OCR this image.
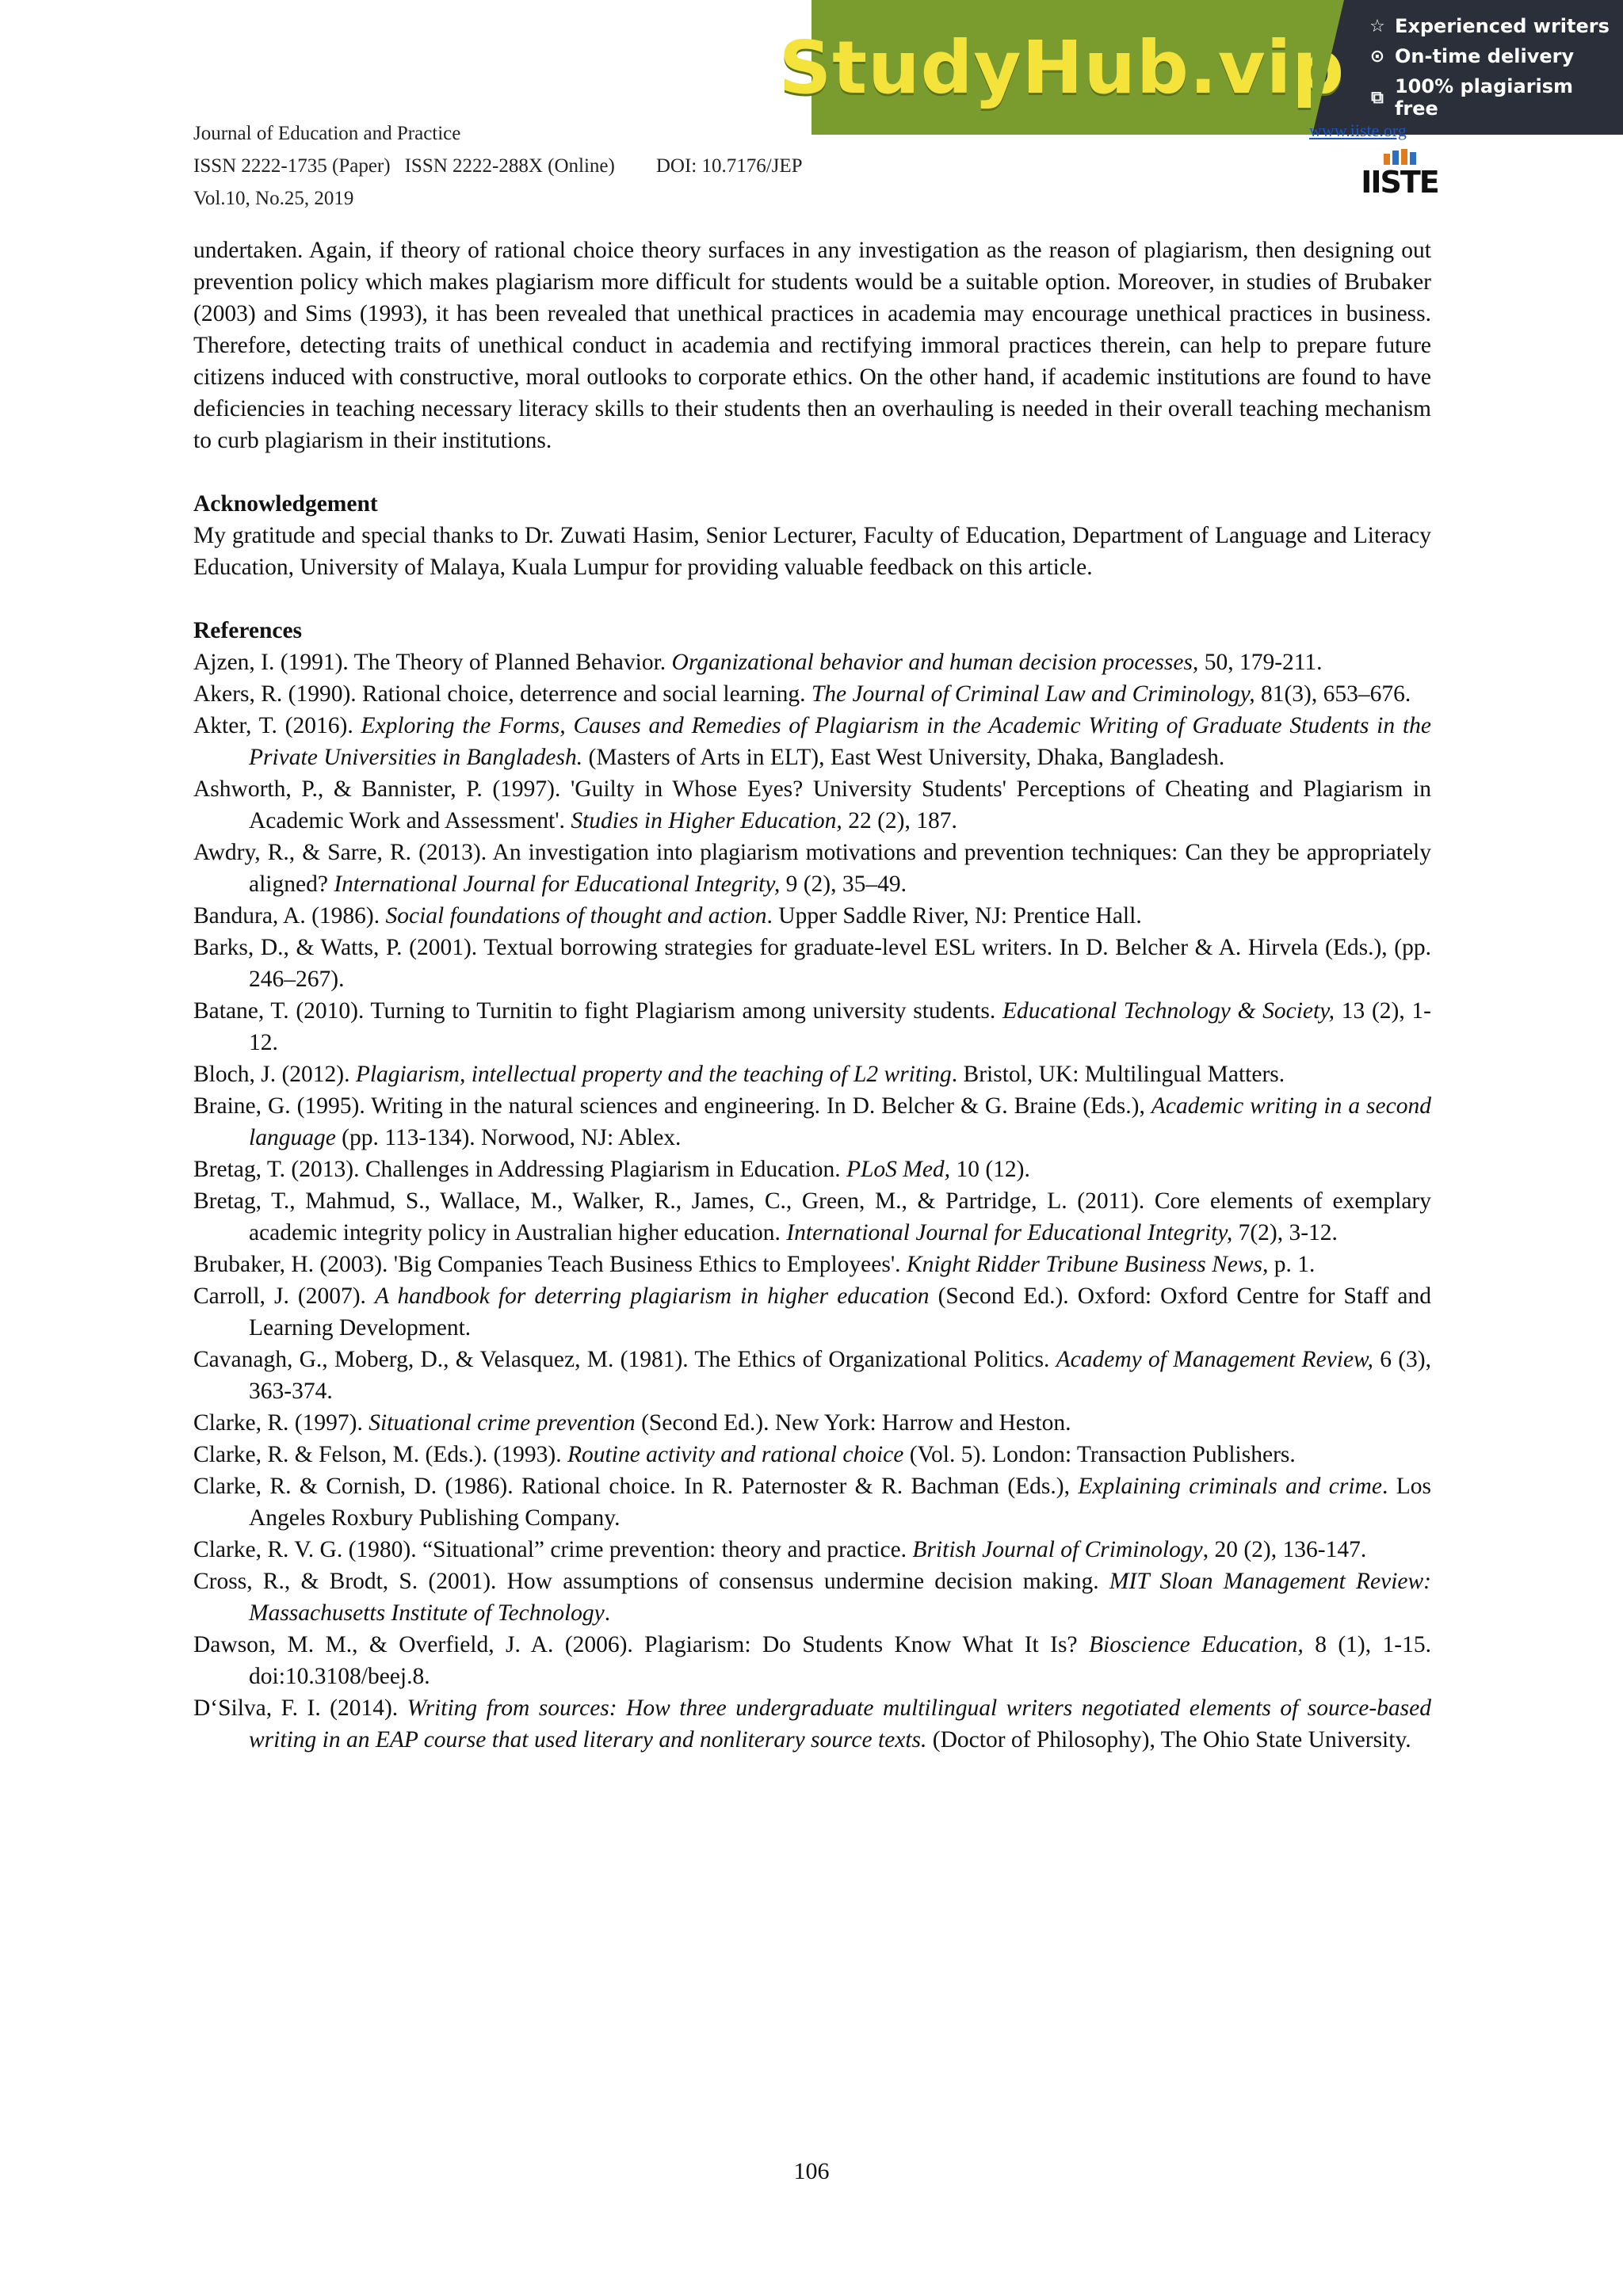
StudyHub.vip ☆ Experienced writers
⊙ On-time delivery
⧉ 100% plagiarism free
Journal of Education and Practice
ISSN 2222-1735 (Paper) ISSN 2222-288X (Online) DOI: 10.7176/JEP
Vol.10, No.25, 2019
www.iiste.org
IISTE

undertaken. Again, if theory of rational choice theory surfaces in any investigation as the reason of plagiarism, then designing out prevention policy which makes plagiarism more difficult for students would be a suitable option. Moreover, in studies of Brubaker (2003) and Sims (1993), it has been revealed that unethical practices in academia may encourage unethical practices in business. Therefore, detecting traits of unethical conduct in academia and rectifying immoral practices therein, can help to prepare future citizens induced with constructive, moral outlooks to corporate ethics. On the other hand, if academic institutions are found to have deficiencies in teaching necessary literacy skills to their students then an overhauling is needed in their overall teaching mechanism to curb plagiarism in their institutions.

Acknowledgement

My gratitude and special thanks to Dr. Zuwati Hasim, Senior Lecturer, Faculty of Education, Department of Language and Literacy Education, University of Malaya, Kuala Lumpur for providing valuable feedback on this article.

References

Ajzen, I. (1991). The Theory of Planned Behavior. Organizational behavior and human decision processes, 50, 179-211.

Akers, R. (1990). Rational choice, deterrence and social learning. The Journal of Criminal Law and Criminology, 81(3), 653–676.

Akter, T. (2016). Exploring the Forms, Causes and Remedies of Plagiarism in the Academic Writing of Graduate Students in the Private Universities in Bangladesh. (Masters of Arts in ELT), East West University, Dhaka, Bangladesh.

Ashworth, P., & Bannister, P. (1997). 'Guilty in Whose Eyes? University Students' Perceptions of Cheating and Plagiarism in Academic Work and Assessment'. Studies in Higher Education, 22 (2), 187.

Awdry, R., & Sarre, R. (2013). An investigation into plagiarism motivations and prevention techniques: Can they be appropriately aligned? International Journal for Educational Integrity, 9 (2), 35–49.

Bandura, A. (1986). Social foundations of thought and action. Upper Saddle River, NJ: Prentice Hall.

Barks, D., & Watts, P. (2001). Textual borrowing strategies for graduate-level ESL writers. In D. Belcher & A. Hirvela (Eds.), (pp. 246–267).

Batane, T. (2010). Turning to Turnitin to fight Plagiarism among university students. Educational Technology & Society, 13 (2), 1-12.

Bloch, J. (2012). Plagiarism, intellectual property and the teaching of L2 writing. Bristol, UK: Multilingual Matters.

Braine, G. (1995). Writing in the natural sciences and engineering. In D. Belcher & G. Braine (Eds.), Academic writing in a second language (pp. 113-134). Norwood, NJ: Ablex.

Bretag, T. (2013). Challenges in Addressing Plagiarism in Education. PLoS Med, 10 (12).

Bretag, T., Mahmud, S., Wallace, M., Walker, R., James, C., Green, M., & Partridge, L. (2011). Core elements of exemplary academic integrity policy in Australian higher education. International Journal for Educational Integrity, 7(2), 3-12.

Brubaker, H. (2003). 'Big Companies Teach Business Ethics to Employees'. Knight Ridder Tribune Business News, p. 1.

Carroll, J. (2007). A handbook for deterring plagiarism in higher education (Second Ed.). Oxford: Oxford Centre for Staff and Learning Development.

Cavanagh, G., Moberg, D., & Velasquez, M. (1981). The Ethics of Organizational Politics. Academy of Management Review, 6 (3), 363-374.

Clarke, R. (1997). Situational crime prevention (Second Ed.). New York: Harrow and Heston.

Clarke, R. & Felson, M. (Eds.). (1993). Routine activity and rational choice (Vol. 5). London: Transaction Publishers.

Clarke, R. & Cornish, D. (1986). Rational choice. In R. Paternoster & R. Bachman (Eds.), Explaining criminals and crime. Los Angeles Roxbury Publishing Company.

Clarke, R. V. G. (1980). “Situational” crime prevention: theory and practice. British Journal of Criminology, 20 (2), 136-147.

Cross, R., & Brodt, S. (2001). How assumptions of consensus undermine decision making. MIT Sloan Management Review: Massachusetts Institute of Technology.

Dawson, M. M., & Overfield, J. A. (2006). Plagiarism: Do Students Know What It Is? Bioscience Education, 8 (1), 1-15. doi:10.3108/beej.8.

D‘Silva, F. I. (2014). Writing from sources: How three undergraduate multilingual writers negotiated elements of source-based writing in an EAP course that used literary and nonliterary source texts. (Doctor of Philosophy), The Ohio State University.

106
